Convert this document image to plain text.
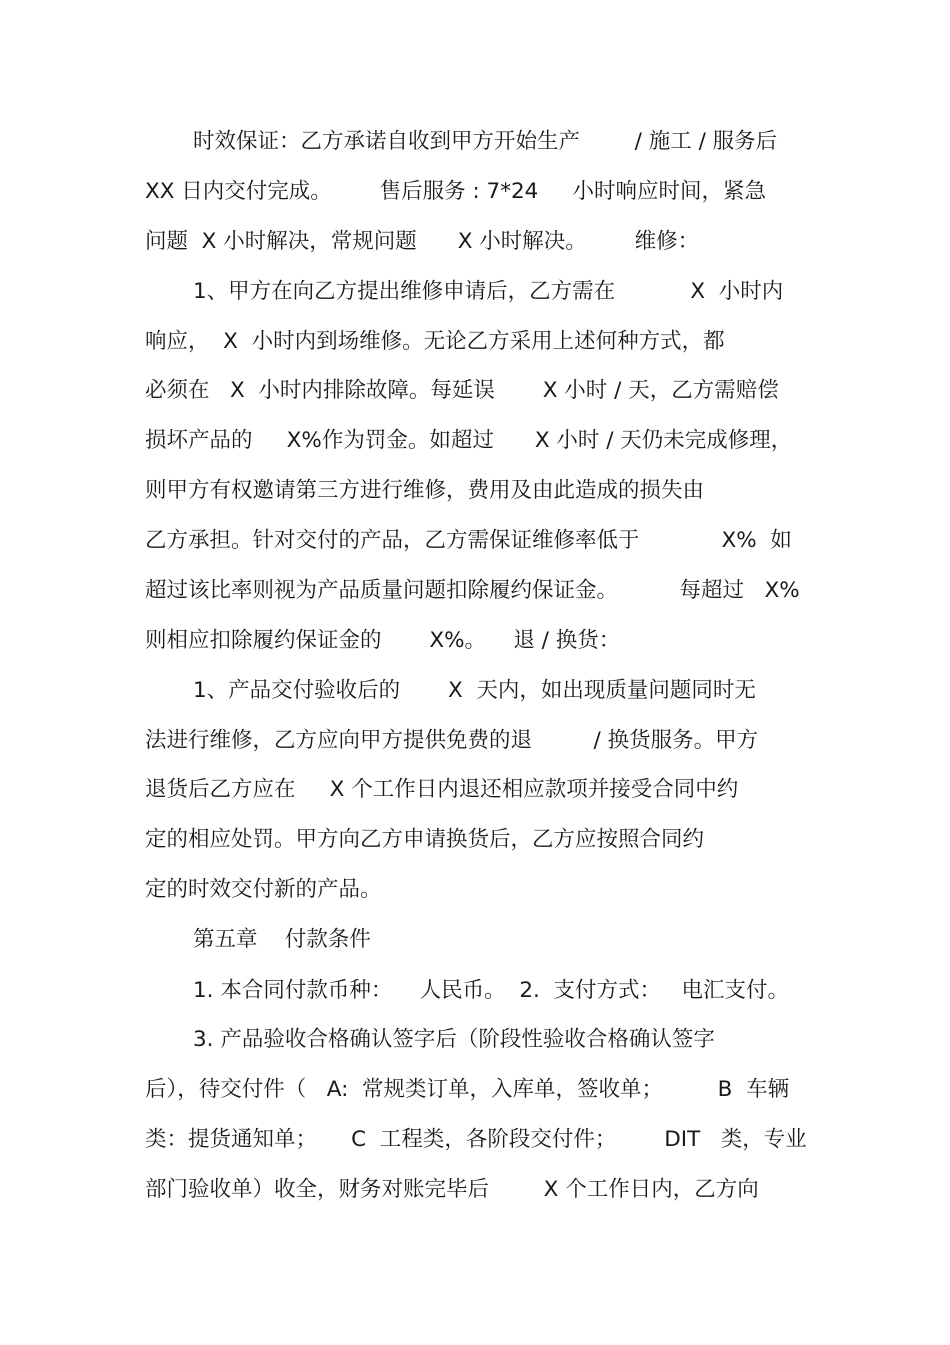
时效保证：乙方承诺自收到甲方开始生产        / 施工 / 服务后

XX 日内交付完成。       售后服务 : 7*24     小时响应时间，紧急

问题  X 小时解决，常规问题      X 小时解决。       维修：

1、甲方在向乙方提出维修申请后，乙方需在           X  小时内

响应，  X  小时内到场维修。无论乙方采用上述何种方式，都

必须在   X  小时内排除故障。每延误       X 小时 / 天，乙方需赔偿

损坏产品的     X%作为罚金。如超过      X 小时 / 天仍未完成修理，

则甲方有权邀请第三方进行维修，费用及由此造成的损失由

乙方承担。针对交付的产品，乙方需保证维修率低于            X%  如

超过该比率则视为产品质量问题扣除履约保证金。         每超过   X%

则相应扣除履约保证金的       X%。    退 / 换货：

1、产品交付验收后的       X  天内，如出现质量问题同时无

法进行维修，乙方应向甲方提供免费的退         / 换货服务。甲方

退货后乙方应在     X 个工作日内退还相应款项并接受合同中约

定的相应处罚。甲方向乙方申请换货后，乙方应按照合同约

定的时效交付新的产品。

第五章    付款条件

1. 本合同付款币种：    人民币。  2.  支付方式：   电汇支付。

3. 产品验收合格确认签字后（阶段性验收合格确认签字

后），待交付件（   A:  常规类订单，入库单，签收单；        B  车辆

类：提货通知单；     C  工程类，各阶段交付件；       DIT   类，专业

部门验收单）收全，财务对账完毕后        X 个工作日内，乙方向
